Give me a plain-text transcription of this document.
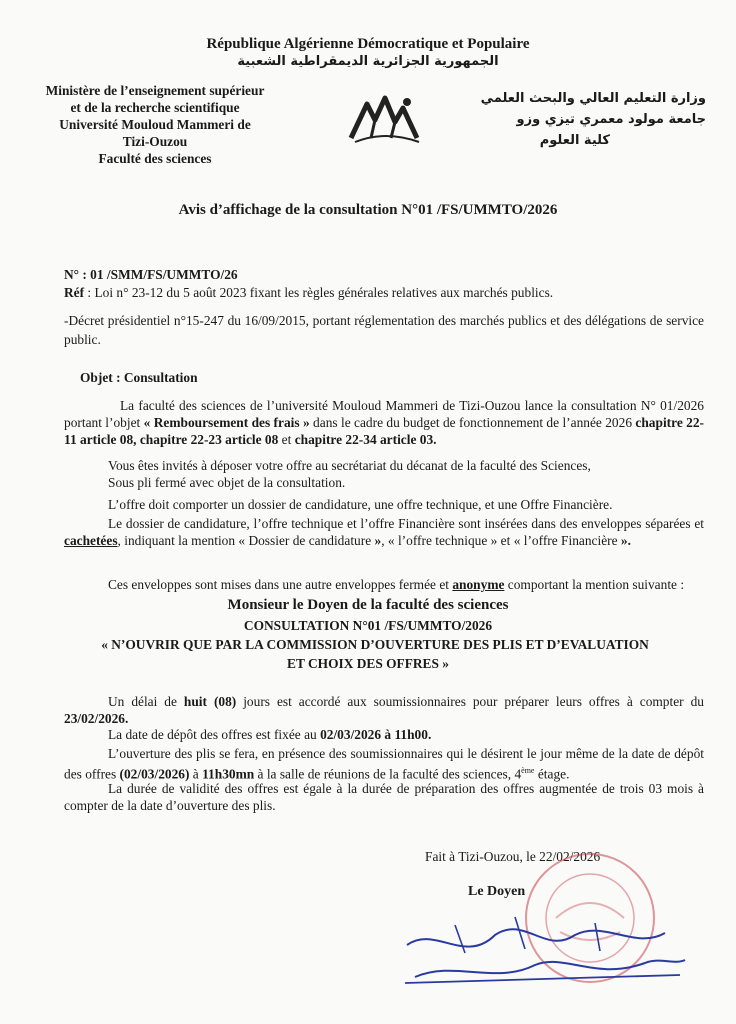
République Algérienne Démocratique et Populaire
الجمهورية الجزائرية الديمقراطية الشعبية
Ministère de l’enseignement supérieur
et de la recherche scientifique
Université Mouloud Mammeri de
Tizi-Ouzou
Faculté des sciences
وزارة التعليم العالي والبحث العلمي
جامعة مولود معمري تيزي وزو
كلية العلوم
Avis d’affichage de la consultation N°01 /FS/UMMTO/2026
N° : 01 /SMM/FS/UMMTO/26
Réf : Loi n° 23-12 du 5 août 2023 fixant les règles générales relatives aux marchés publics.
-Décret présidentiel n°15-247 du 16/09/2015, portant réglementation des marchés publics et des délégations de service public.
Objet : Consultation
La faculté des sciences de l’université Mouloud Mammeri de Tizi-Ouzou lance la consultation N° 01/2026 portant l’objet « Remboursement des frais » dans le cadre du budget de fonctionnement de l’année 2026 chapitre 22-11 article 08, chapitre 22-23 article 08 et chapitre 22-34 article 03.
Vous êtes invités à déposer votre offre au secrétariat du décanat de la faculté des Sciences,
Sous pli fermé avec objet de la consultation.
L’offre doit comporter un dossier de candidature, une offre technique, et une Offre Financière.
Le dossier de candidature, l’offre technique et l’offre Financière sont insérées dans des enveloppes séparées et cachetées, indiquant la mention « Dossier de candidature », « l’offre technique » et « l’offre Financière ».
Ces enveloppes sont mises dans une autre enveloppes fermée et anonyme comportant la mention suivante :
Monsieur le Doyen de la faculté des sciences
CONSULTATION N°01 /FS/UMMTO/2026
« N’OUVRIR QUE PAR LA COMMISSION D’OUVERTURE DES PLIS ET D’EVALUATION
ET CHOIX DES OFFRES »
Un délai de huit (08) jours est accordé aux soumissionnaires pour préparer leurs offres à compter du 23/02/2026.
La date de dépôt des offres est fixée au 02/03/2026 à 11h00.
L’ouverture des plis se fera, en présence des soumissionnaires qui le désirent le jour même de la date de dépôt des offres (02/03/2026) à 11h30mn à la salle de réunions de la faculté des sciences, 4ème étage.
La durée de validité des offres est égale à la durée de préparation des offres augmentée de trois 03 mois à compter de la date d’ouverture des plis.
Fait à Tizi-Ouzou, le 22/02/2026
Le Doyen
